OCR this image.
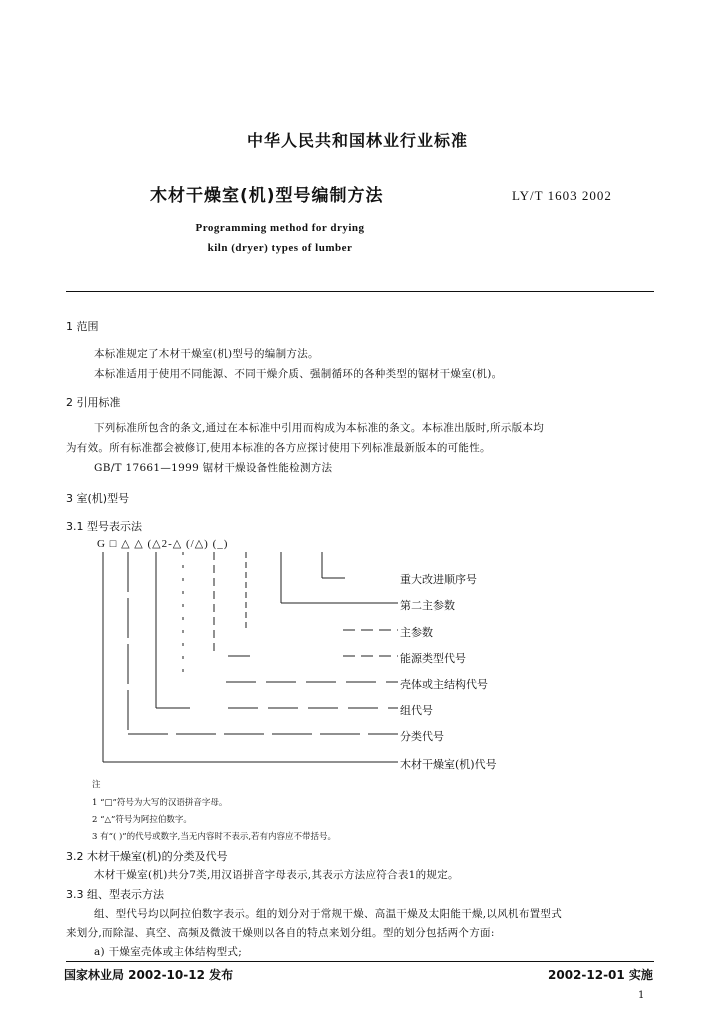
中华人民共和国林业行业标准
木材干燥室(机)型号编制方法	LY/T 1603 2002
Programming method for drying
kiln (dryer) types of lumber
1 范围
本标准规定了木材干燥室(机)型号的编制方法。
本标准适用于使用不同能源、不同干燥介质、强制循环的各种类型的锯材干燥室(机)。
2 引用标准
下列标准所包含的条文,通过在本标准中引用而构成为本标准的条文。本标准出版时,所示版本均
为有效。所有标准都会被修订,使用本标准的各方应探讨使用下列标准最新版本的可能性。
GB/T 17661—1999 锯材干燥设备性能检测方法
3 室(机)型号
3.1 型号表示法
G □ △ △ (△2-△ (/△) (_)
重大改进顺序号
第二主参数
主参数
能源类型代号
壳体或主结构代号
组代号
分类代号
木材干燥室(机)代号
注
1 “□”符号为大写的汉语拼音字母。
2 “△”符号为阿拉伯数字。
3 有“( )”的代号或数字,当无内容时不表示,若有内容应不带括号。
3.2 木材干燥室(机)的分类及代号
木材干燥室(机)共分7类,用汉语拼音字母表示,其表示方法应符合表1的规定。
3.3 组、型表示方法
组、型代号均以阿拉伯数字表示。组的划分对于常规干燥、高温干燥及太阳能干燥,以风机布置型式
来划分,而除湿、真空、高频及微波干燥则以各自的特点来划分组。型的划分包括两个方面:
a) 干燥室壳体或主体结构型式;
国家林业局 2002-10-12 发布	2002-12-01 实施
1
